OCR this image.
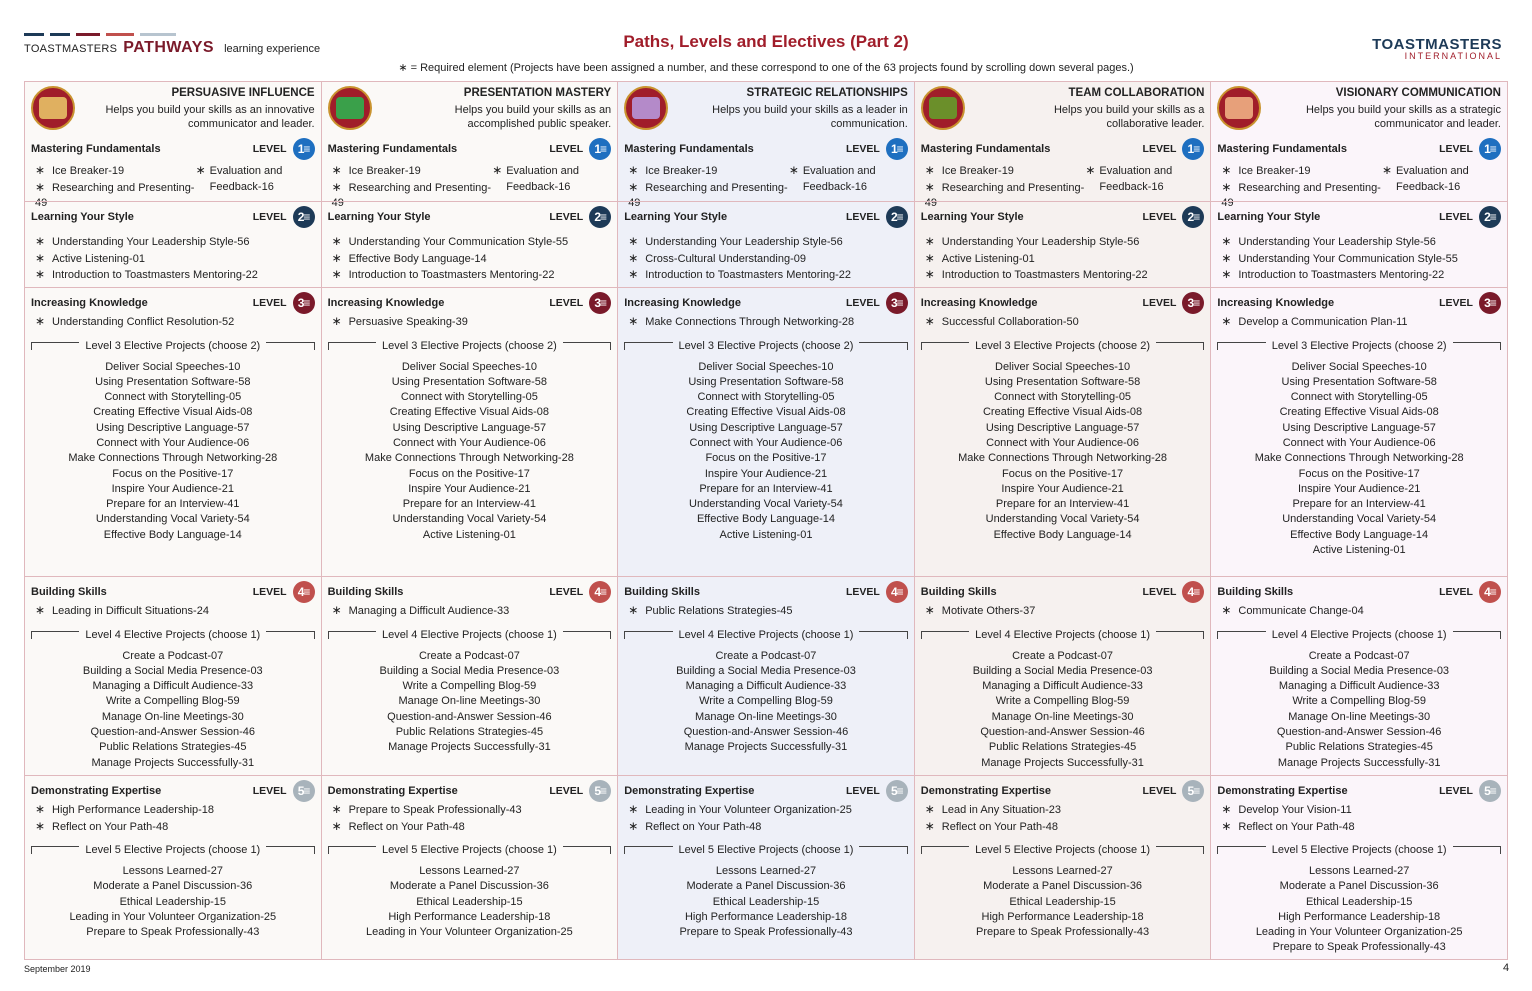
TOASTMASTERS PATHWAYS learning experience	Paths, Levels and Electives (Part 2)
∗ = Required element (Projects have been assigned a number, and these correspond to one of the 63 projects found by scrolling down several pages.)
TOASTMASTERS
INTERNATIONAL
PERSUASIVE INFLUENCE
Helps you build your skills as an innovative communicator and leader.
Mastering Fundamentals	LEVEL 1≡
∗ Ice Breaker-19
∗ Researching and Presenting-49
∗ Evaluation and
Feedback-16
Learning Your Style	LEVEL 2≡
∗ Understanding Your Leadership Style-56
∗ Active Listening-01
∗ Introduction to Toastmasters Mentoring-22
Increasing Knowledge	LEVEL 3≡
∗ Understanding Conflict Resolution-52
Level 3 Elective Projects (choose 2)
Deliver Social Speeches-10
Using Presentation Software-58
Connect with Storytelling-05
Creating Effective Visual Aids-08
Using Descriptive Language-57
Connect with Your Audience-06
Make Connections Through Networking-28
Focus on the Positive-17
Inspire Your Audience-21
Prepare for an Interview-41
Understanding Vocal Variety-54
Effective Body Language-14
Building Skills	LEVEL 4≡
∗ Leading in Difficult Situations-24
Level 4 Elective Projects (choose 1)
Create a Podcast-07
Building a Social Media Presence-03
Managing a Difficult Audience-33
Write a Compelling Blog-59
Manage On-line Meetings-30
Question-and-Answer Session-46
Public Relations Strategies-45
Manage Projects Successfully-31
Demonstrating Expertise	LEVEL 5≡
∗ High Performance Leadership-18
∗ Reflect on Your Path-48
Level 5 Elective Projects (choose 1)
Lessons Learned-27
Moderate a Panel Discussion-36
Ethical Leadership-15
Leading in Your Volunteer Organization-25
Prepare to Speak Professionally-43
PRESENTATION MASTERY
Helps you build your skills as an accomplished public speaker.
Mastering Fundamentals	LEVEL 1≡
∗ Ice Breaker-19
∗ Researching and Presenting-49
∗ Evaluation and
Feedback-16
Learning Your Style	LEVEL 2≡
∗ Understanding Your Communication Style-55
∗ Effective Body Language-14
∗ Introduction to Toastmasters Mentoring-22
Increasing Knowledge	LEVEL 3≡
∗ Persuasive Speaking-39
Level 3 Elective Projects (choose 2)
Deliver Social Speeches-10
Using Presentation Software-58
Connect with Storytelling-05
Creating Effective Visual Aids-08
Using Descriptive Language-57
Connect with Your Audience-06
Make Connections Through Networking-28
Focus on the Positive-17
Inspire Your Audience-21
Prepare for an Interview-41
Understanding Vocal Variety-54
Active Listening-01
Building Skills	LEVEL 4≡
∗ Managing a Difficult Audience-33
Level 4 Elective Projects (choose 1)
Create a Podcast-07
Building a Social Media Presence-03
Write a Compelling Blog-59
Manage On-line Meetings-30
Question-and-Answer Session-46
Public Relations Strategies-45
Manage Projects Successfully-31
Demonstrating Expertise	LEVEL 5≡
∗ Prepare to Speak Professionally-43
∗ Reflect on Your Path-48
Level 5 Elective Projects (choose 1)
Lessons Learned-27
Moderate a Panel Discussion-36
Ethical Leadership-15
High Performance Leadership-18
Leading in Your Volunteer Organization-25
STRATEGIC RELATIONSHIPS
Helps you build your skills as a leader in communication.
Mastering Fundamentals	LEVEL 1≡
∗ Ice Breaker-19
∗ Researching and Presenting-49
∗ Evaluation and
Feedback-16
Learning Your Style	LEVEL 2≡
∗ Understanding Your Leadership Style-56
∗ Cross-Cultural Understanding-09
∗ Introduction to Toastmasters Mentoring-22
Increasing Knowledge	LEVEL 3≡
∗ Make Connections Through Networking-28
Level 3 Elective Projects (choose 2)
Deliver Social Speeches-10
Using Presentation Software-58
Connect with Storytelling-05
Creating Effective Visual Aids-08
Using Descriptive Language-57
Connect with Your Audience-06
Focus on the Positive-17
Inspire Your Audience-21
Prepare for an Interview-41
Understanding Vocal Variety-54
Effective Body Language-14
Active Listening-01
Building Skills	LEVEL 4≡
∗ Public Relations Strategies-45
Level 4 Elective Projects (choose 1)
Create a Podcast-07
Building a Social Media Presence-03
Managing a Difficult Audience-33
Write a Compelling Blog-59
Manage On-line Meetings-30
Question-and-Answer Session-46
Manage Projects Successfully-31
Demonstrating Expertise	LEVEL 5≡
∗ Leading in Your Volunteer Organization-25
∗ Reflect on Your Path-48
Level 5 Elective Projects (choose 1)
Lessons Learned-27
Moderate a Panel Discussion-36
Ethical Leadership-15
High Performance Leadership-18
Prepare to Speak Professionally-43
TEAM COLLABORATION
Helps you build your skills as a collaborative leader.
Mastering Fundamentals	LEVEL 1≡
∗ Ice Breaker-19
∗ Researching and Presenting-49
∗ Evaluation and
Feedback-16
Learning Your Style	LEVEL 2≡
∗ Understanding Your Leadership Style-56
∗ Active Listening-01
∗ Introduction to Toastmasters Mentoring-22
Increasing Knowledge	LEVEL 3≡
∗ Successful Collaboration-50
Level 3 Elective Projects (choose 2)
Deliver Social Speeches-10
Using Presentation Software-58
Connect with Storytelling-05
Creating Effective Visual Aids-08
Using Descriptive Language-57
Connect with Your Audience-06
Make Connections Through Networking-28
Focus on the Positive-17
Inspire Your Audience-21
Prepare for an Interview-41
Understanding Vocal Variety-54
Effective Body Language-14
Building Skills	LEVEL 4≡
∗ Motivate Others-37
Level 4 Elective Projects (choose 1)
Create a Podcast-07
Building a Social Media Presence-03
Managing a Difficult Audience-33
Write a Compelling Blog-59
Manage On-line Meetings-30
Question-and-Answer Session-46
Public Relations Strategies-45
Manage Projects Successfully-31
Demonstrating Expertise	LEVEL 5≡
∗ Lead in Any Situation-23
∗ Reflect on Your Path-48
Level 5 Elective Projects (choose 1)
Lessons Learned-27
Moderate a Panel Discussion-36
Ethical Leadership-15
High Performance Leadership-18
Prepare to Speak Professionally-43
VISIONARY COMMUNICATION
Helps you build your skills as a strategic communicator and leader.
Mastering Fundamentals	LEVEL 1≡
∗ Ice Breaker-19
∗ Researching and Presenting-49
∗ Evaluation and
Feedback-16
Learning Your Style	LEVEL 2≡
∗ Understanding Your Leadership Style-56
∗ Understanding Your Communication Style-55
∗ Introduction to Toastmasters Mentoring-22
Increasing Knowledge	LEVEL 3≡
∗ Develop a Communication Plan-11
Level 3 Elective Projects (choose 2)
Deliver Social Speeches-10
Using Presentation Software-58
Connect with Storytelling-05
Creating Effective Visual Aids-08
Using Descriptive Language-57
Connect with Your Audience-06
Make Connections Through Networking-28
Focus on the Positive-17
Inspire Your Audience-21
Prepare for an Interview-41
Understanding Vocal Variety-54
Effective Body Language-14
Active Listening-01
Building Skills	LEVEL 4≡
∗ Communicate Change-04
Level 4 Elective Projects (choose 1)
Create a Podcast-07
Building a Social Media Presence-03
Managing a Difficult Audience-33
Write a Compelling Blog-59
Manage On-line Meetings-30
Question-and-Answer Session-46
Public Relations Strategies-45
Manage Projects Successfully-31
Demonstrating Expertise	LEVEL 5≡
∗ Develop Your Vision-11
∗ Reflect on Your Path-48
Level 5 Elective Projects (choose 1)
Lessons Learned-27
Moderate a Panel Discussion-36
Ethical Leadership-15
High Performance Leadership-18
Leading in Your Volunteer Organization-25
Prepare to Speak Professionally-43
September 2019	4
